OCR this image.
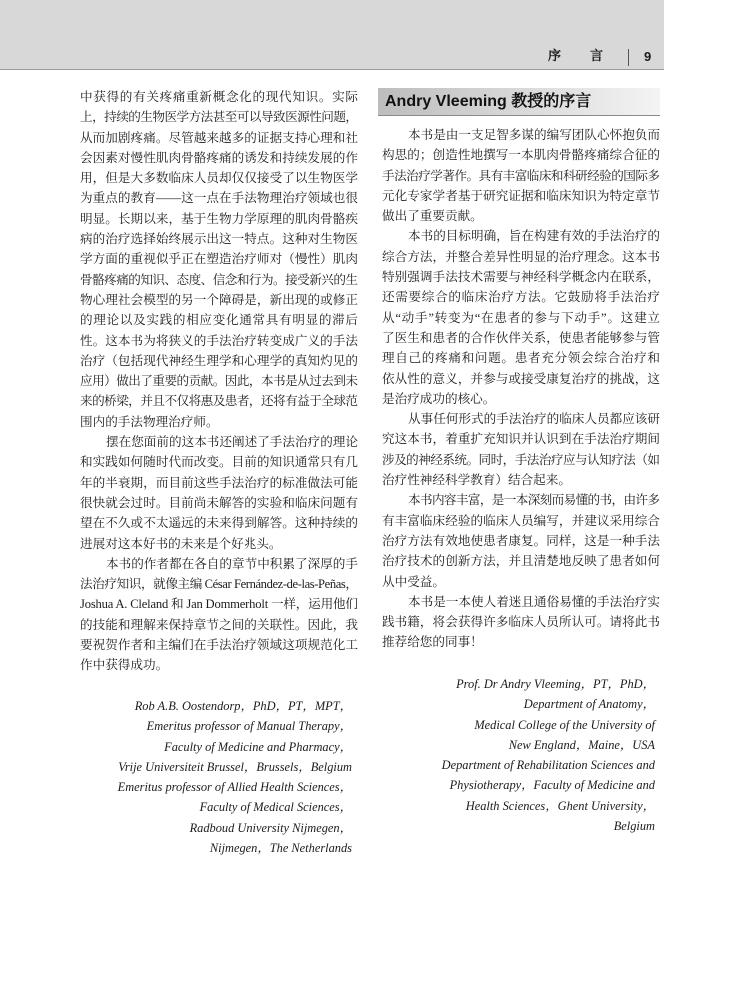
序　言	9
中获得的有关疼痛重新概念化的现代知识。实际
上，持续的生物医学方法甚至可以导致医源性问题，
从而加剧疼痛。尽管越来越多的证据支持心理和社
会因素对慢性肌肉骨骼疼痛的诱发和持续发展的作
用，但是大多数临床人员却仅仅接受了以生物医学
为重点的教育——这一点在手法物理治疗领域也很
明显。长期以来，基于生物力学原理的肌肉骨骼疾
病的治疗选择始终展示出这一特点。这种对生物医
学方面的重视似乎正在塑造治疗师对（慢性）肌肉
骨骼疼痛的知识、态度、信念和行为。接受新兴的生
物心理社会模型的另一个障碍是，新出现的或修正
的理论以及实践的相应变化通常具有明显的滞后
性。这本书为将狭义的手法治疗转变成广义的手法
治疗（包括现代神经生理学和心理学的真知灼见的
应用）做出了重要的贡献。因此，本书是从过去到未
来的桥梁，并且不仅将惠及患者，还将有益于全球范
围内的手法物理治疗师。
摆在您面前的这本书还阐述了手法治疗的理论
和实践如何随时代而改变。目前的知识通常只有几
年的半衰期，而目前这些手法治疗的标准做法可能
很快就会过时。目前尚未解答的实验和临床问题有
望在不久或不太遥远的未来得到解答。这种持续的
进展对这本好书的未来是个好兆头。
本书的作者都在各自的章节中积累了深厚的手
法治疗知识，就像主编 César Fernández-de-las-Peñas，
Joshua A. Cleland 和 Jan Dommerholt 一样，运用他们
的技能和理解来保持章节之间的关联性。因此，我
要祝贺作者和主编们在手法治疗领域这项规范化工
作中获得成功。
Rob A.B. Oostendorp，PhD，PT，MPT，
Emeritus professor of Manual Therapy，
Faculty of Medicine and Pharmacy，
Vrije Universiteit Brussel，Brussels，Belgium
Emeritus professor of Allied Health Sciences，
Faculty of Medical Sciences，
Radboud University Nijmegen，
Nijmegen，The Netherlands
Andry Vleeming 教授的序言
本书是由一支足智多谋的编写团队心怀抱负而
构思的；创造性地撰写一本肌肉骨骼疼痛综合征的
手法治疗学著作。具有丰富临床和科研经验的国际多
元化专家学者基于研究证据和临床知识为特定章节
做出了重要贡献。
本书的目标明确，旨在构建有效的手法治疗的
综合方法，并整合差异性明显的治疗理念。这本书
特别强调手法技术需要与神经科学概念内在联系，
还需要综合的临床治疗方法。它鼓励将手法治疗
从“动手”转变为“在患者的参与下动手”。这建立
了医生和患者的合作伙伴关系，使患者能够参与管
理自己的疼痛和问题。患者充分领会综合治疗和
依从性的意义，并参与或接受康复治疗的挑战，这
是治疗成功的核心。
从事任何形式的手法治疗的临床人员都应该研
究这本书，着重扩充知识并认识到在手法治疗期间
涉及的神经系统。同时，手法治疗应与认知疗法（如
治疗性神经科学教育）结合起来。
本书内容丰富，是一本深刻而易懂的书，由许多
有丰富临床经验的临床人员编写，并建议采用综合
治疗方法有效地使患者康复。同样，这是一种手法
治疗技术的创新方法，并且清楚地反映了患者如何
从中受益。
本书是一本使人着迷且通俗易懂的手法治疗实
践书籍，将会获得许多临床人员所认可。请将此书
推荐给您的同事！
Prof. Dr Andry Vleeming，PT，PhD，
Department of Anatomy，
Medical College of the University of
New England，Maine，USA
Department of Rehabilitation Sciences and
Physiotherapy，Faculty of Medicine and
Health Sciences，Ghent University，
Belgium
